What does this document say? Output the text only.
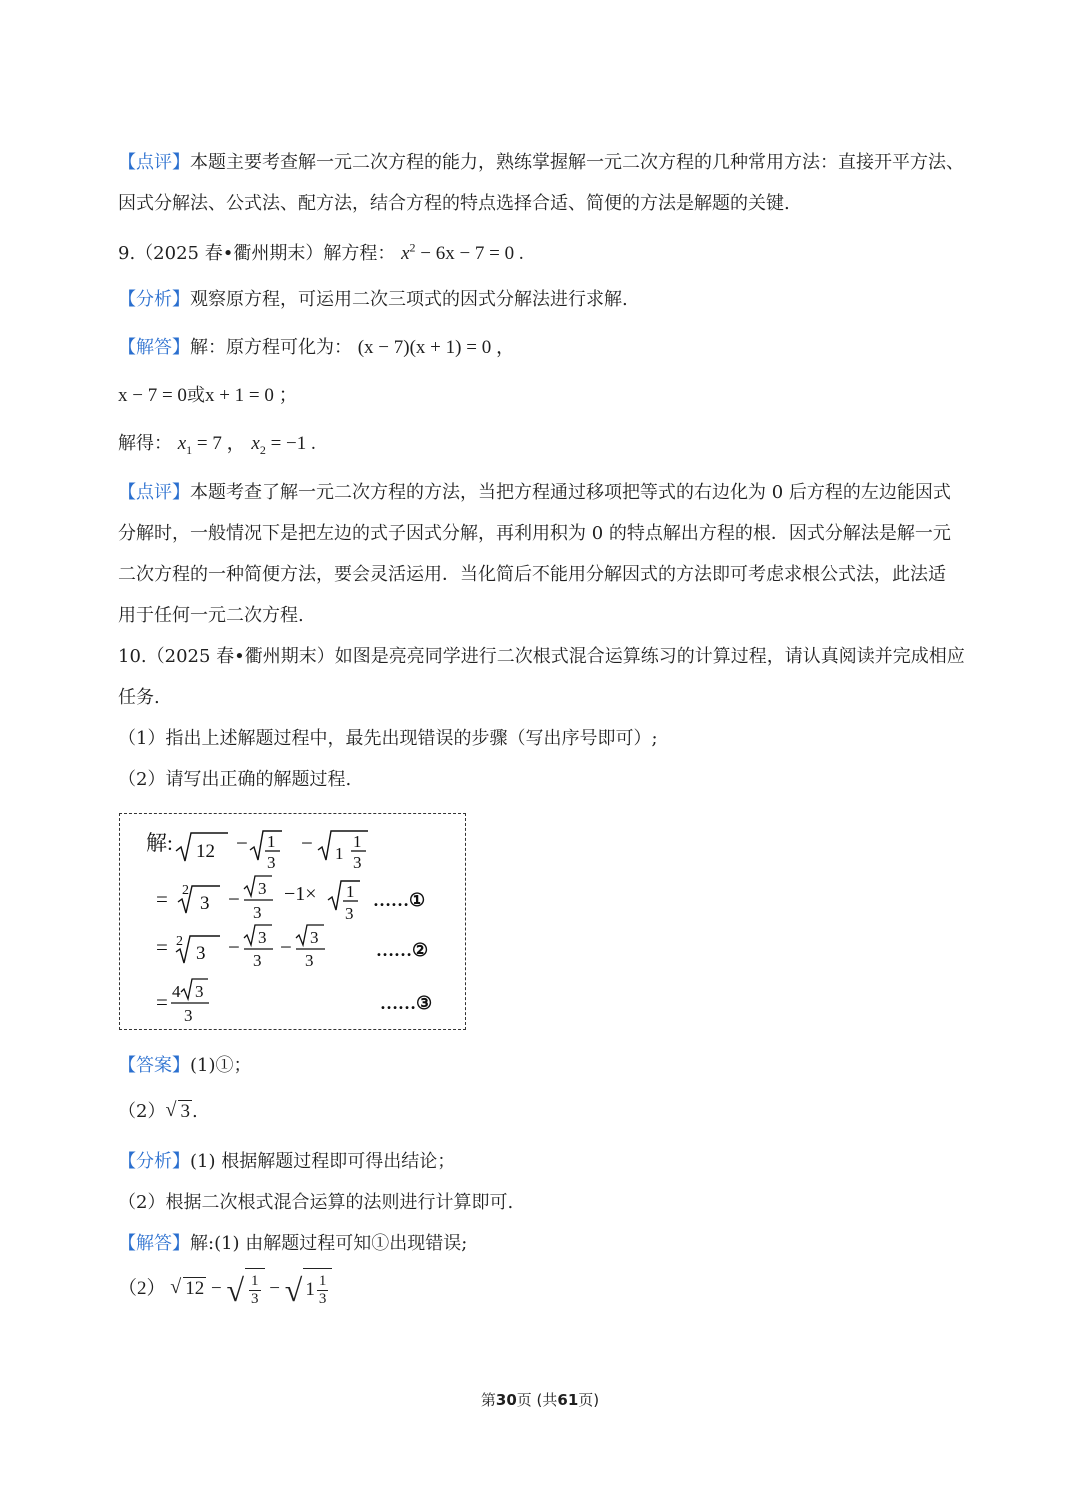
【点评】本题主要考查解一元二次方程的能力，熟练掌握解一元二次方程的几种常用方法：直接开平方法、
因式分解法、公式法、配方法，结合方程的特点选择合适、简便的方法是解题的关键.
9.（2025 春•衢州期末）解方程： $x^2 - 6x - 7 = 0$ .
【分析】观察原方程，可运用二次三项式的因式分解法进行求解.
【解答】解：原方程可化为： (x − 7)(x + 1) = 0 ，
x − 7 = 0或x + 1 = 0 ；
解得： $x_1 = 7$ ， $x_2 = -1$ .
【点评】本题考查了解一元二次方程的方法，当把方程通过移项把等式的右边化为 0 后方程的左边能因式
分解时，一般情况下是把左边的式子因式分解，再利用积为 0 的特点解出方程的根．因式分解法是解一元
二次方程的一种简便方法，要会灵活运用．当化简后不能用分解因式的方法即可考虑求根公式法，此法适
用于任何一元二次方程.
10.（2025 春•衢州期末）如图是亮亮同学进行二次根式混合运算练习的计算过程，请认真阅读并完成相应
任务.
（1）指出上述解题过程中，最先出现错误的步骤（写出序号即可）;
（2）请写出正确的解题过程.
解: 12 − 1
3
− 1
1
3
= 2
3 − 3
3
−1× 1
3
……①
= 2
3 − 3
3
− 3
3
……②
= 4 3
3
……③
【答案】(1)①；
（2） √ 3 .
【分析】(1) 根据解题过程即可得出结论；
（2）根据二次根式混合运算的法则进行计算即可.
【解答】解:(1) 由解题过程可知①出现错误;
（2） √ 12 − √ $\frac{1}{3}$ − √ $1 \frac{1}{3}$
第30页 (共61页)
